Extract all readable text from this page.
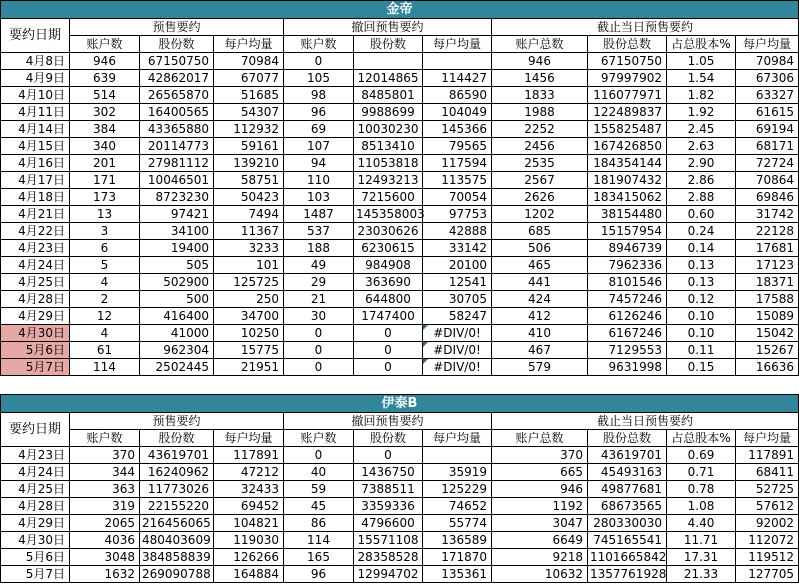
金帝										
要约日期	预售要约			撤回预售要约			截止当日预售要约			
	账户数	股份数	每户均量	账户数	股份数	每户均量	账户总数	股份总数	占总股本%	每户均量
4月8日	946	67150750	70984	0			946	67150750	1.05	70984
4月9日	639	42862017	67077	105	12014865	114427	1456	97997902	1.54	67306
4月10日	514	26565870	51685	98	8485801	86590	1833	116077971	1.82	63327
4月11日	302	16400565	54307	96	9988699	104049	1988	122489837	1.92	61615
4月14日	384	43365880	112932	69	10030230	145366	2252	155825487	2.45	69194
4月15日	340	20114773	59161	107	8513410	79565	2456	167426850	2.63	68171
4月16日	201	27981112	139210	94	11053818	117594	2535	184354144	2.90	72724
4月17日	171	10046501	58751	110	12493213	113575	2567	181907432	2.86	70864
4月18日	173	8723230	50423	103	7215600	70054	2626	183415062	2.88	69846
4月21日	13	97421	7494	1487	145358003	97753	1202	38154480	0.60	31742
4月22日	3	34100	11367	537	23030626	42888	685	15157954	0.24	22128
4月23日	6	19400	3233	188	6230615	33142	506	8946739	0.14	17681
4月24日	5	505	101	49	984908	20100	465	7962336	0.13	17123
4月25日	4	502900	125725	29	363690	12541	441	8101546	0.13	18371
4月28日	2	500	250	21	644800	30705	424	7457246	0.12	17588
4月29日	12	416400	34700	30	1747400	58247	412	6126246	0.10	15089
4月30日	4	41000	10250	0	0	#DIV/0!	410	6167246	0.10	15042
5月6日	61	962304	15775	0	0	#DIV/0!	467	7129553	0.11	15267
5月7日	114	2502445	21951	0	0	#DIV/0!	579	9631998	0.15	16636
伊泰B										
要约日期	预售要约			撤回预售要约			截止当日预售要约			
	账户数	股份数	每户均量	账户数	股份数	每户均量	账户总数	股份总数	占总股本%	每户均量
4月23日	370	43619701	117891	0	0		370	43619701	0.69	117891
4月24日	344	16240962	47212	40	1436750	35919	665	45493163	0.71	68411
4月25日	363	11773026	32433	59	7388511	125229	946	49877681	0.78	52725
4月28日	319	22155220	69452	45	3359336	74652	1192	68673565	1.08	57612
4月29日	2065	216456065	104821	86	4796600	55774	3047	280330030	4.40	92002
4月30日	4036	480403609	119030	114	15571108	136589	6649	745165541	11.71	112072
5月6日	3048	384858839	126266	165	28358528	171870	9218	1101665842	17.31	119512
5月7日	1632	269090788	164884	96	12994702	135361	10632	1357761928	21.33	127705
